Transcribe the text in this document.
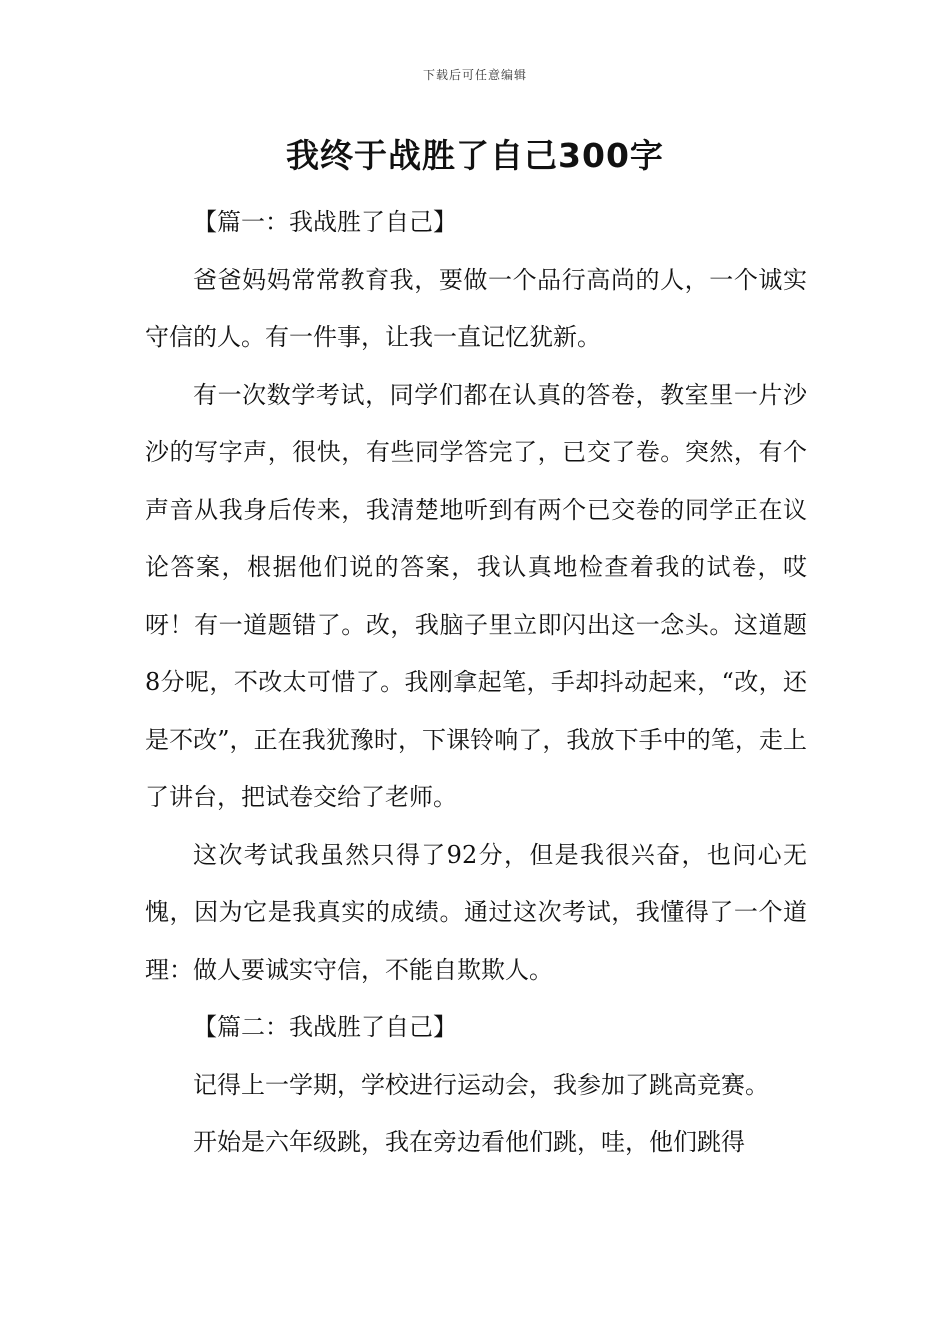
下载后可任意编辑
我终于战胜了自己300字

【篇一：我战胜了自己】

爸爸妈妈常常教育我，要做一个品行高尚的人，一个诚实守信的人。有一件事，让我一直记忆犹新。

有一次数学考试，同学们都在认真的答卷，教室里一片沙沙的写字声，很快，有些同学答完了，已交了卷。突然，有个声音从我身后传来，我清楚地听到有两个已交卷的同学正在议论答案，根据他们说的答案，我认真地检查着我的试卷，哎呀！有一道题错了。改，我脑子里立即闪出这一念头。这道题8分呢，不改太可惜了。我刚拿起笔，手却抖动起来，“改，还是不改”，正在我犹豫时，下课铃响了，我放下手中的笔，走上了讲台，把试卷交给了老师。

这次考试我虽然只得了92分，但是我很兴奋，也问心无愧，因为它是我真实的成绩。通过这次考试，我懂得了一个道理：做人要诚实守信，不能自欺欺人。

【篇二：我战胜了自己】

记得上一学期，学校进行运动会，我参加了跳高竞赛。

开始是六年级跳，我在旁边看他们跳，哇，他们跳得
